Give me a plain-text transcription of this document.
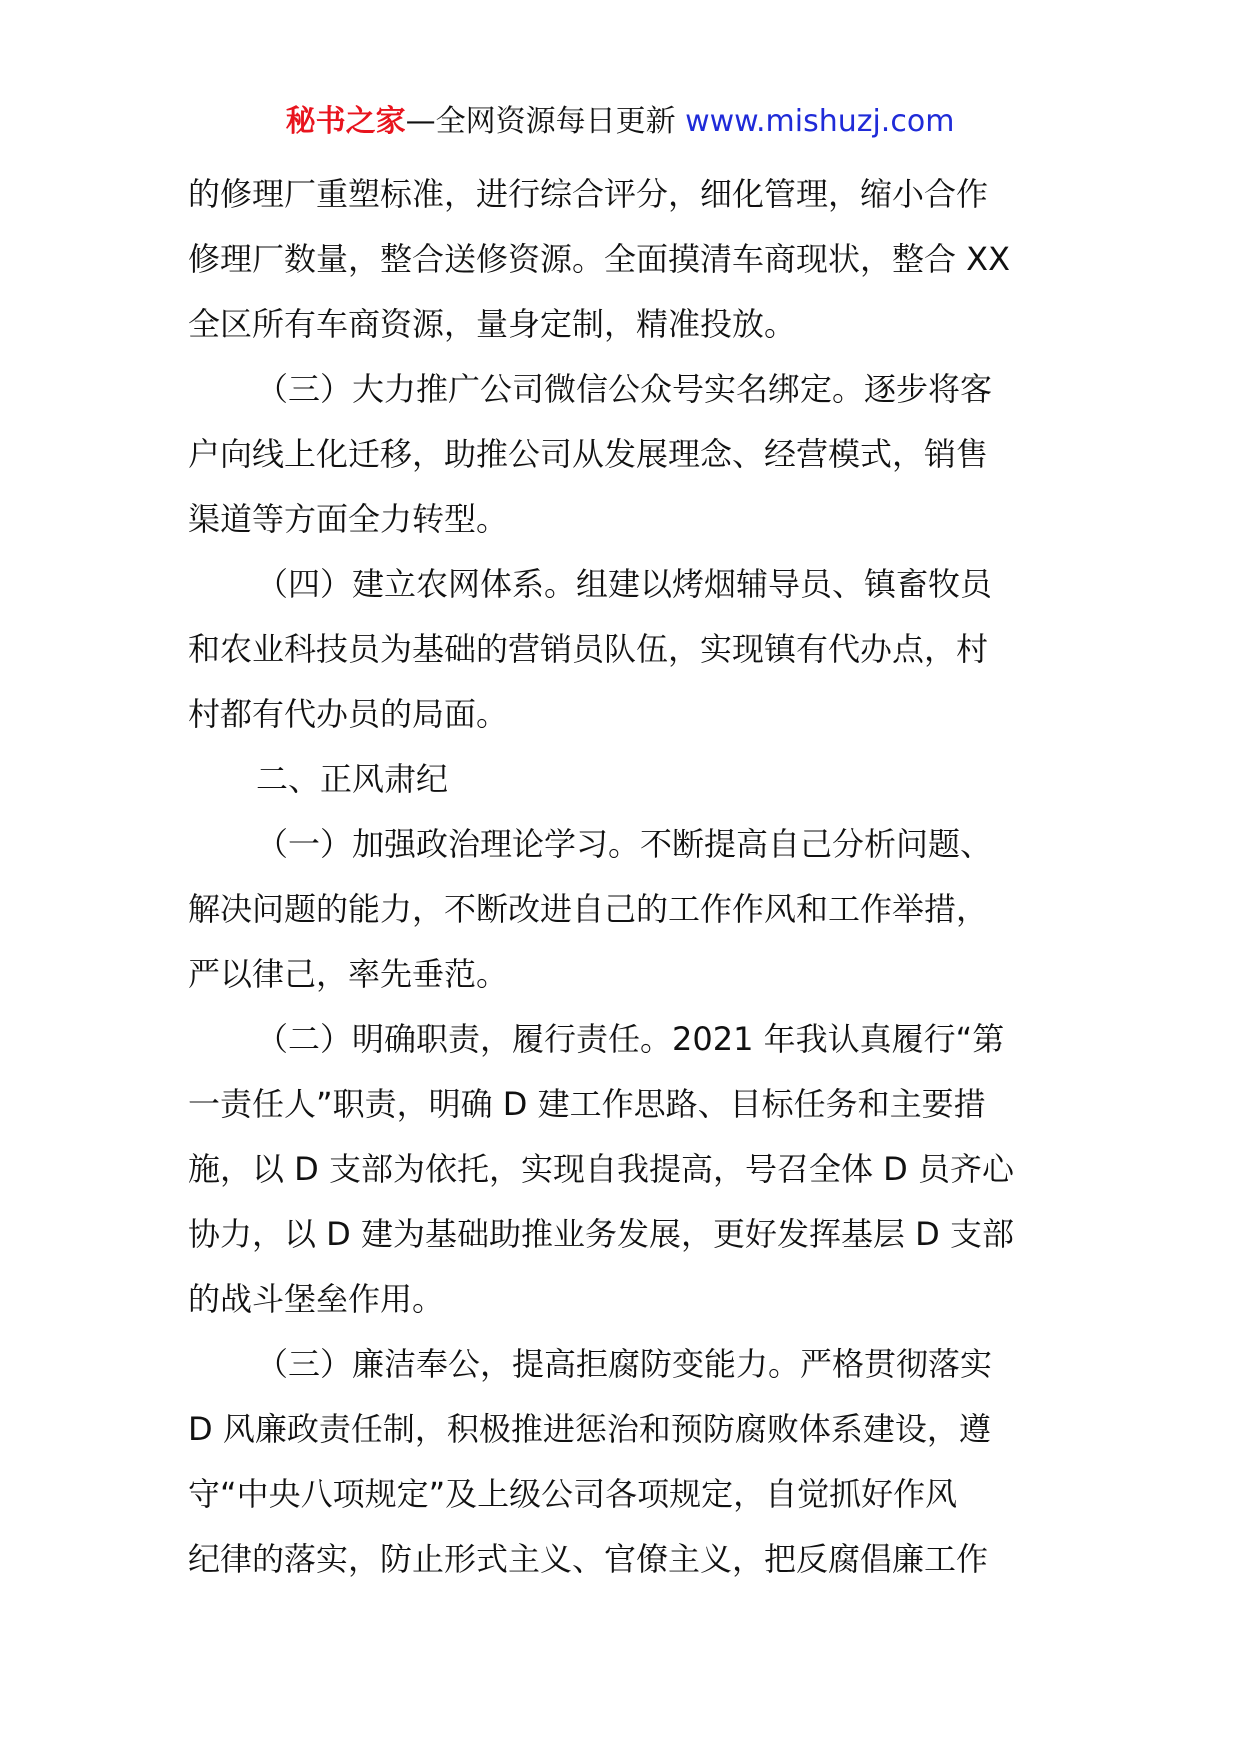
秘书之家—全网资源每日更新 www.mishuzj.com
的修理厂重塑标准，进行综合评分，细化管理，缩小合作
修理厂数量，整合送修资源。全面摸清车商现状，整合 XX
全区所有车商资源，量身定制，精准投放。
（三）大力推广公司微信公众号实名绑定。逐步将客
户向线上化迁移，助推公司从发展理念、经营模式，销售
渠道等方面全力转型。
（四）建立农网体系。组建以烤烟辅导员、镇畜牧员
和农业科技员为基础的营销员队伍，实现镇有代办点，村
村都有代办员的局面。
二、正风肃纪
（一）加强政治理论学习。不断提高自己分析问题、
解决问题的能力，不断改进自己的工作作风和工作举措，
严以律己，率先垂范。
（二）明确职责，履行责任。2021 年我认真履行“第
一责任人”职责，明确 D 建工作思路、目标任务和主要措
施，以 D 支部为依托，实现自我提高，号召全体 D 员齐心
协力，以 D 建为基础助推业务发展，更好发挥基层 D 支部
的战斗堡垒作用。
（三）廉洁奉公，提高拒腐防变能力。严格贯彻落实
D 风廉政责任制，积极推进惩治和预防腐败体系建设，遵
守“中央八项规定”及上级公司各项规定，自觉抓好作风
纪律的落实，防止形式主义、官僚主义，把反腐倡廉工作
